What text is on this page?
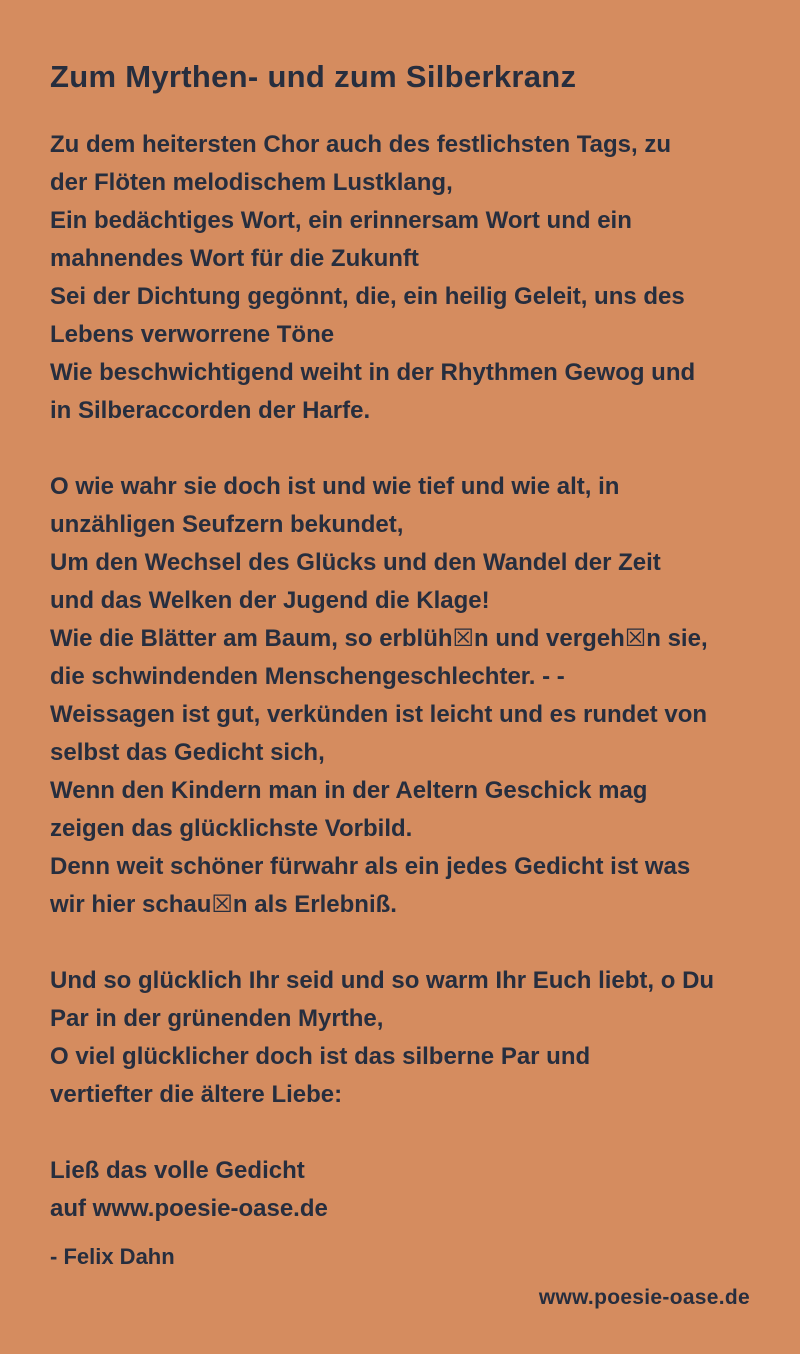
Zum Myrthen- und zum Silberkranz
Zu dem heitersten Chor auch des festlichsten Tags, zu
der Flöten melodischem Lustklang,
Ein bedächtiges Wort, ein erinnersam Wort und ein
mahnendes Wort für die Zukunft
Sei der Dichtung gegönnt, die, ein heilig Geleit, uns des
Lebens verworrene Töne
Wie beschwichtigend weiht in der Rhythmen Gewog und
in Silberaccorden der Harfe.
O wie wahr sie doch ist und wie tief und wie alt, in
unzähligen Seufzern bekundet,
Um den Wechsel des Glücks und den Wandel der Zeit
und das Welken der Jugend die Klage!
Wie die Blätter am Baum, so erblüh☒n und vergeh☒n sie,
die schwindenden Menschengeschlechter. - -
Weissagen ist gut, verkünden ist leicht und es rundet von
selbst das Gedicht sich,
Wenn den Kindern man in der Aeltern Geschick mag
zeigen das glücklichste Vorbild.
Denn weit schöner fürwahr als ein jedes Gedicht ist was
wir hier schau☒n als Erlebniß.
Und so glücklich Ihr seid und so warm Ihr Euch liebt, o Du
Par in der grünenden Myrthe,
O viel glücklicher doch ist das silberne Par und
vertiefter die ältere Liebe:
Ließ das volle Gedicht
auf www.poesie-oase.de
- Felix Dahn
www.poesie-oase.de
